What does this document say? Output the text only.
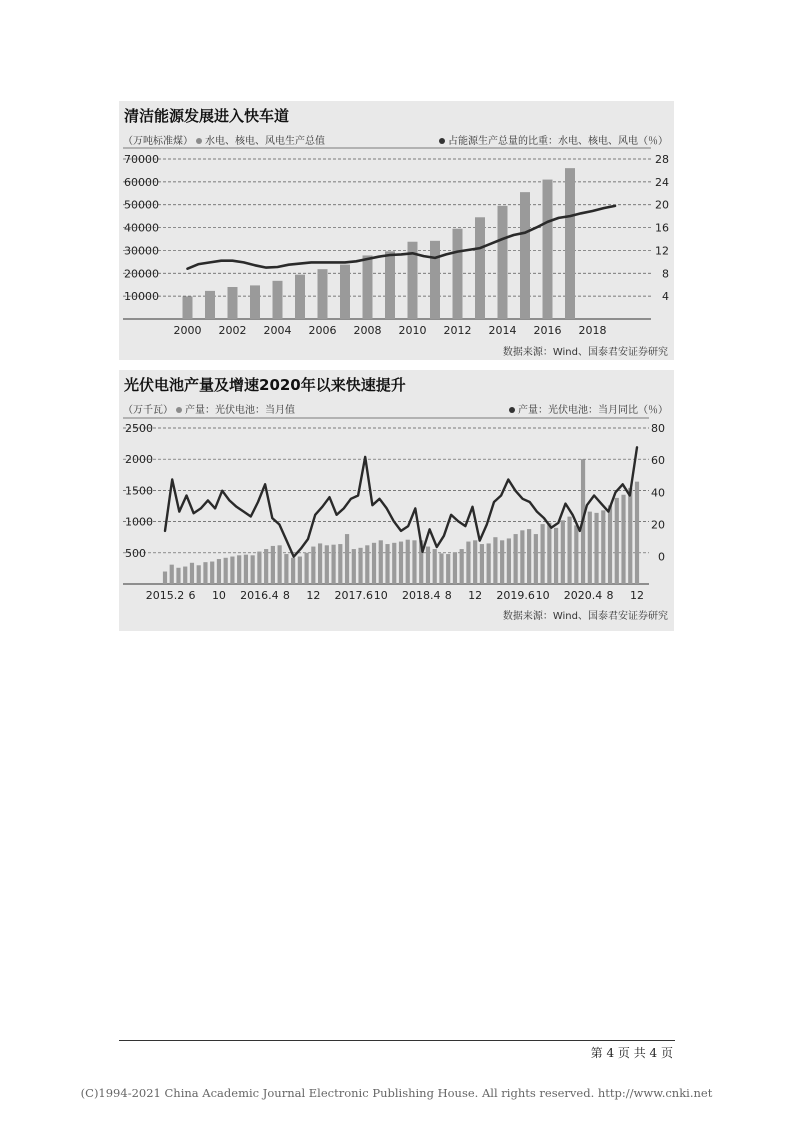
清洁能源发展进入快车道
（万吨标准煤） 水电、核电、风电生产总值	占能源生产总量的比重：水电、核电、风电（％）
10000
20000
30000
40000
50000
60000
70000
4
8
12
16
20
24
28
2000 2002 2004 2006 2008 2010 2012 2014 2016 2018
数据来源：Wind、国泰君安证券研究
光伏电池产量及增速2020年以来快速提升
（万千瓦） 产量：光伏电池：当月值	产量：光伏电池：当月同比（％）
500
1000
1500
2000
2500
0
20
40
60
80
2015.2 6 10 2016.4 8 12 2017.6 10 2018.4 8 12 2019.6 10 2020.4 8 12
数据来源：Wind、国泰君安证券研究
第 4 页 共 4 页
(C)1994-2021 China Academic Journal Electronic Publishing House. All rights reserved. http://www.cnki.net
